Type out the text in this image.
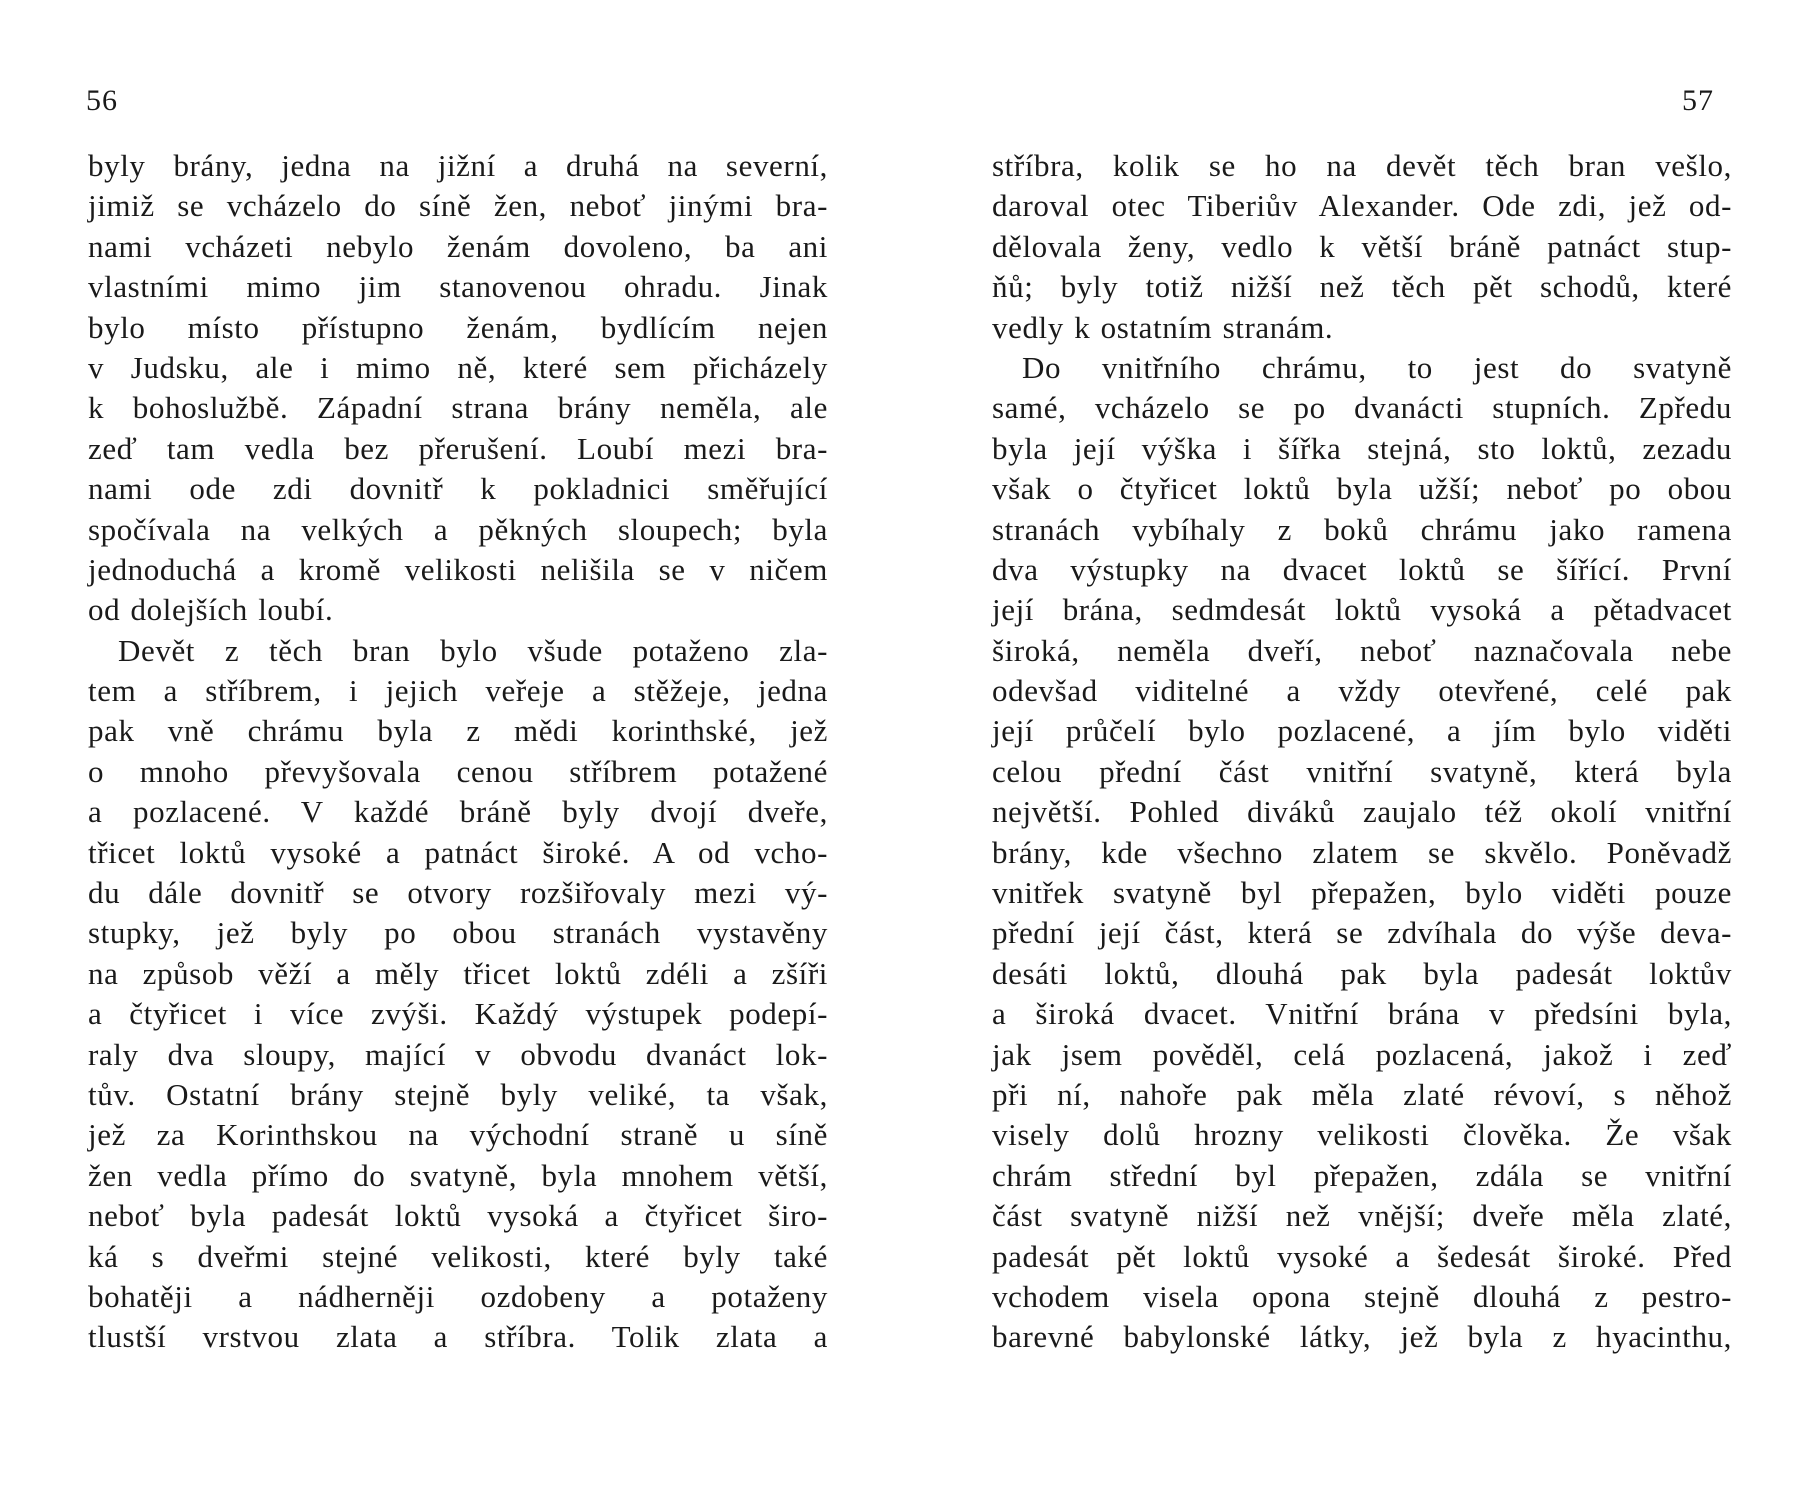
56
byly brány, jedna na jižní a druhá na severní,
jimiž se vcházelo do síně žen, neboť jinými bra-
nami vcházeti nebylo ženám dovoleno, ba ani
vlastními mimo jim stanovenou ohradu. Jinak
bylo místo přístupno ženám, bydlícím nejen
v Judsku, ale i mimo ně, které sem přicházely
k bohoslužbě. Západní strana brány neměla, ale
zeď tam vedla bez přerušení. Loubí mezi bra-
nami ode zdi dovnitř k pokladnici směřující
spočívala na velkých a pěkných sloupech; byla
jednoduchá a kromě velikosti nelišila se v ničem
od dolejších loubí.
Devět z těch bran bylo všude potaženo zla-
tem a stříbrem, i jejich veřeje a stěžeje, jedna
pak vně chrámu byla z mědi korinthské, jež
o mnoho převyšovala cenou stříbrem potažené
a pozlacené. V každé bráně byly dvojí dveře,
třicet loktů vysoké a patnáct široké. A od vcho-
du dále dovnitř se otvory rozšiřovaly mezi vý-
stupky, jež byly po obou stranách vystavěny
na způsob věží a měly třicet loktů zdéli a zšíři
a čtyřicet i více zvýši. Každý výstupek podepí-
raly dva sloupy, mající v obvodu dvanáct lok-
tův. Ostatní brány stejně byly veliké, ta však,
jež za Korinthskou na východní straně u síně
žen vedla přímo do svatyně, byla mnohem větší,
neboť byla padesát loktů vysoká a čtyřicet širo-
ká s dveřmi stejné velikosti, které byly také
bohatěji a nádherněji ozdobeny a potaženy
tlustší vrstvou zlata a stříbra. Tolik zlata a
57
stříbra, kolik se ho na devět těch bran vešlo,
daroval otec Tiberiův Alexander. Ode zdi, jež od-
dělovala ženy, vedlo k větší bráně patnáct stup-
ňů; byly totiž nižší než těch pět schodů, které
vedly k ostatním stranám.
Do vnitřního chrámu, to jest do svatyně
samé, vcházelo se po dvanácti stupních. Zpředu
byla její výška i šířka stejná, sto loktů, zezadu
však o čtyřicet loktů byla užší; neboť po obou
stranách vybíhaly z boků chrámu jako ramena
dva výstupky na dvacet loktů se šířící. První
její brána, sedmdesát loktů vysoká a pětadvacet
široká, neměla dveří, neboť naznačovala nebe
odevšad viditelné a vždy otevřené, celé pak
její průčelí bylo pozlacené, a jím bylo viděti
celou přední část vnitřní svatyně, která byla
největší. Pohled diváků zaujalo též okolí vnitřní
brány, kde všechno zlatem se skvělo. Poněvadž
vnitřek svatyně byl přepažen, bylo viděti pouze
přední její část, která se zdvíhala do výše deva-
desáti loktů, dlouhá pak byla padesát loktův
a široká dvacet. Vnitřní brána v předsíni byla,
jak jsem pověděl, celá pozlacená, jakož i zeď
při ní, nahoře pak měla zlaté révoví, s něhož
visely dolů hrozny velikosti člověka. Že však
chrám střední byl přepažen, zdála se vnitřní
část svatyně nižší než vnější; dveře měla zlaté,
padesát pět loktů vysoké a šedesát široké. Před
vchodem visela opona stejně dlouhá z pestro-
barevné babylonské látky, jež byla z hyacinthu,
